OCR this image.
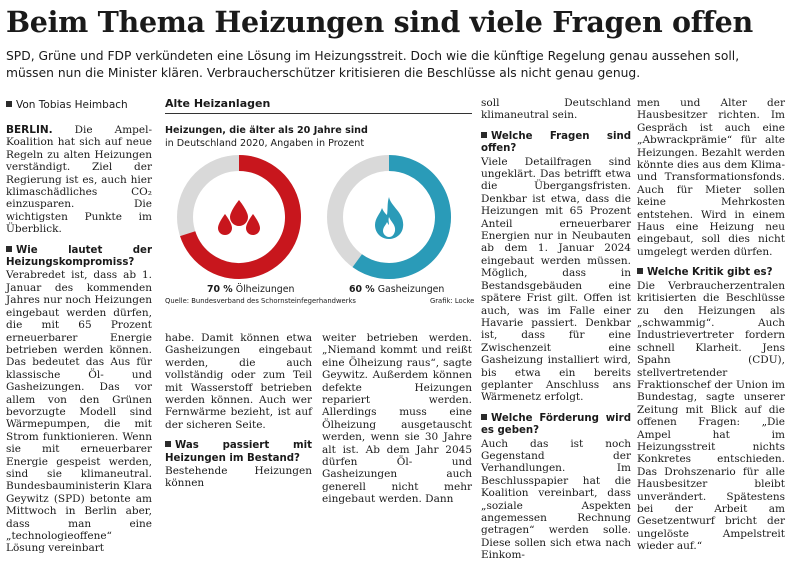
Beim Thema Heizungen sind viele Fragen offen

SPD, Grüne und FDP verkündeten eine Lösung im Heizungsstreit. Doch wie die künftige Regelung genau aussehen soll, müssen nun die Minister klären. Verbraucherschützer kritisieren die Beschlüsse als nicht genau genug.

Von Tobias Heimbach

BERLIN. Die Ampel-Koalition hat sich auf neue Regeln zu alten Heizungen verständigt. Ziel der Regierung ist es, auch hier klimaschädliches CO₂ einzusparen. Die wichtigsten Punkte im Überblick.

Wie lautet der Heizungskompromiss?

Verabredet ist, dass ab 1. Januar des kommenden Jahres nur noch Heizungen eingebaut werden dürfen, die mit 65 Prozent erneuerbarer Energie betrieben werden können. Das bedeutet das Aus für klassische Öl- und Gasheizungen. Das vor allem von den Grünen bevorzugte Modell sind Wärmepumpen, die mit Strom funktionieren. Wenn sie mit erneuerbarer Energie gespeist werden, sind sie klimaneutral. Bundesbauministerin Klara Geywitz (SPD) betonte am Mittwoch in Berlin aber, dass man eine „technologieoffene“ Lösung vereinbart

Alte Heizanlagen
Heizungen, die älter als 20 Jahre sind
in Deutschland 2020, Angaben in Prozent
70 % Ölheizungen	60 % Gasheizungen
Quelle: Bundesverband des Schornsteinfegerhandwerks	Grafik: Locke

habe. Damit können etwa Gasheizungen eingebaut werden, die auch vollständig oder zum Teil mit Wasserstoff betrieben werden können. Auch wer Fernwärme bezieht, ist auf der sicheren Seite.

Was passiert mit Heizungen im Bestand?

Bestehende Heizungen können

weiter betrieben werden. „Niemand kommt und reißt eine Ölheizung raus“, sagte Geywitz. Außerdem können defekte Heizungen repariert werden. Allerdings muss eine Ölheizung ausgetauscht werden, wenn sie 30 Jahre alt ist. Ab dem Jahr 2045 dürfen Öl- und Gasheizungen auch generell nicht mehr eingebaut werden. Dann

soll Deutschland klimaneutral sein.

Welche Fragen sind offen?

Viele Detailfragen sind ungeklärt. Das betrifft etwa die Übergangsfristen. Denkbar ist etwa, dass die Heizungen mit 65 Prozent Anteil erneuerbarer Energien nur in Neubauten ab dem 1. Januar 2024 eingebaut werden müssen. Möglich, dass in Bestandsgebäuden eine spätere Frist gilt. Offen ist auch, was im Falle einer Havarie passiert. Denkbar ist, dass für eine Zwischenzeit eine Gasheizung installiert wird, bis etwa ein bereits geplanter Anschluss ans Wärmenetz erfolgt.

Welche Förderung wird es geben?

Auch das ist noch Gegenstand der Verhandlungen. Im Beschlusspapier hat die Koalition vereinbart, dass „soziale Aspekten angemessen Rechnung getragen“ werden solle. Diese sollen sich etwa nach Einkom-

men und Alter der Hausbesitzer richten. Im Gespräch ist auch eine „Abwrackprämie“ für alte Heizungen. Bezahlt werden könnte dies aus dem Klima- und Transformationsfonds. Auch für Mieter sollen keine Mehrkosten entstehen. Wird in einem Haus eine Heizung neu eingebaut, soll dies nicht umgelegt werden dürfen.

Welche Kritik gibt es?

Die Verbraucherzentralen kritisierten die Beschlüsse zu den Heizungen als „schwammig“. Auch Industrievertreter fordern schnell Klarheit. Jens Spahn (CDU), stellvertretender Fraktionschef der Union im Bundestag, sagte unserer Zeitung mit Blick auf die offenen Fragen: „Die Ampel hat im Heizungsstreit nichts Konkretes entschieden. Das Drohszenario für alle Hausbesitzer bleibt unverändert. Spätestens bei der Arbeit am Gesetzentwurf bricht der ungelöste Ampelstreit wieder auf.“
